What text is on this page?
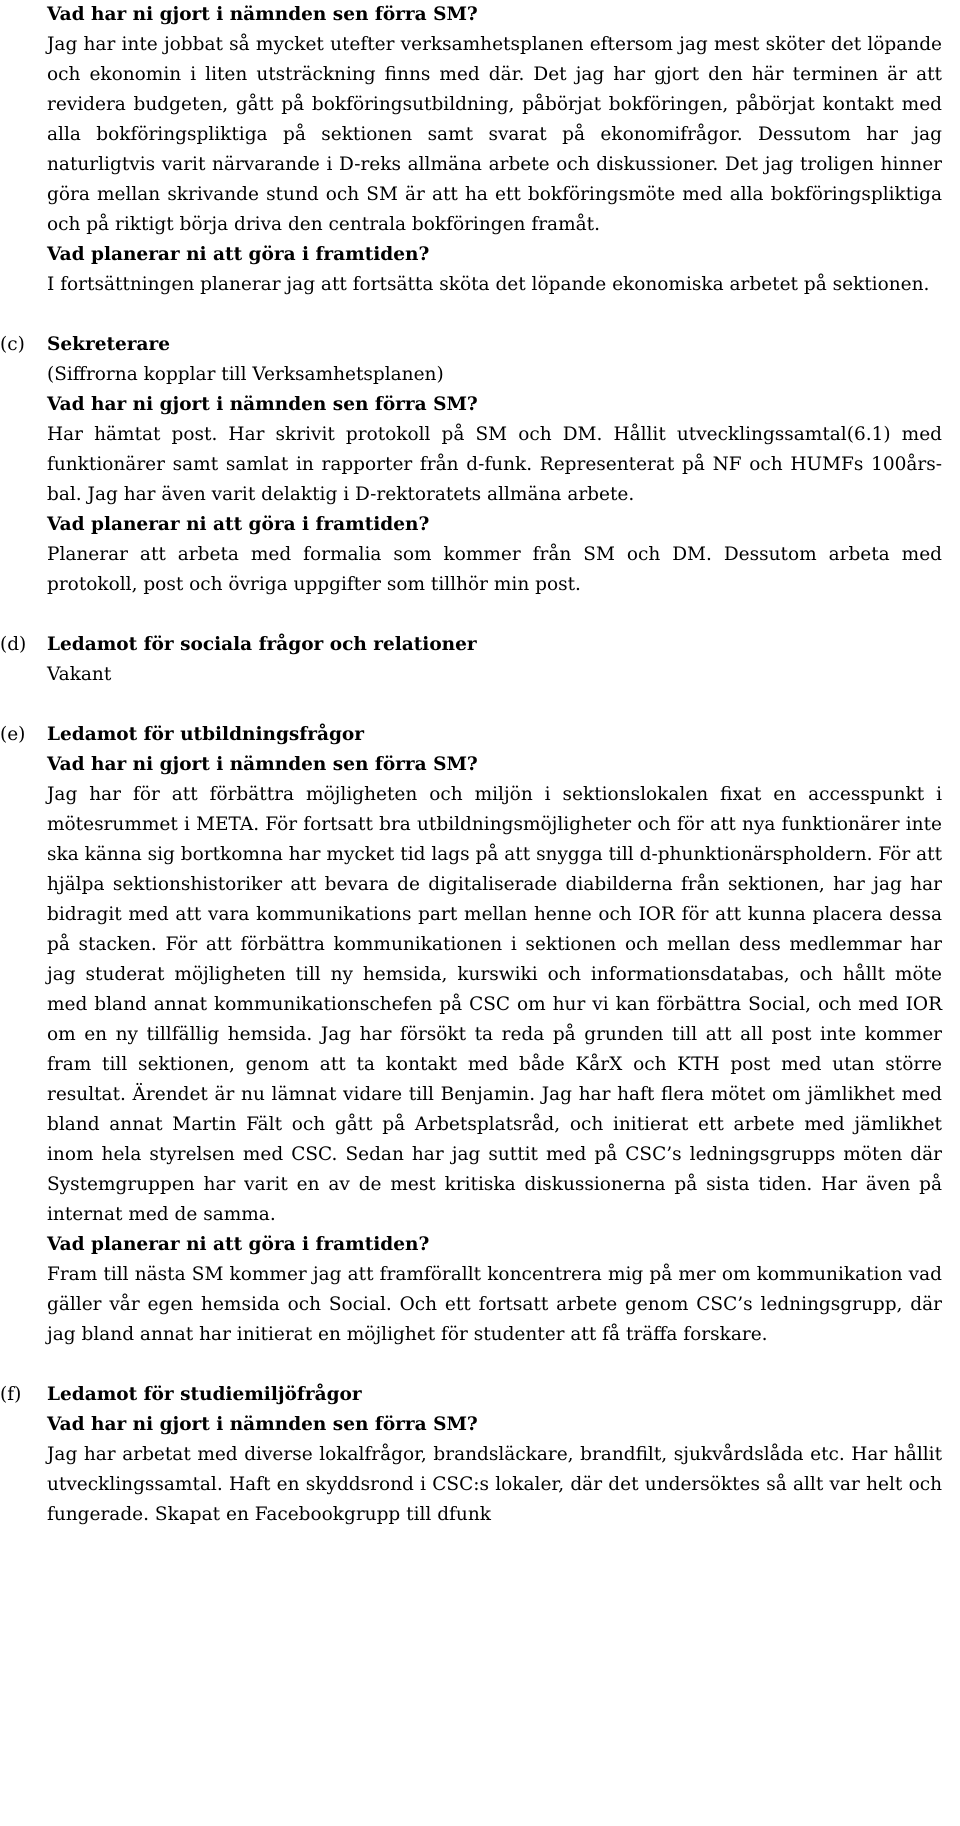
Vad har ni gjort i nämnden sen förra SM?

Jag har inte jobbat så mycket utefter verksamhetsplanen eftersom jag mest sköter det löpande och ekonomin i liten utsträckning finns med där. Det jag har gjort den här terminen är att revidera budgeten, gått på bokföringsutbildning, påbörjat bokföringen, påbörjat kontakt med alla bokföringspliktiga på sektionen samt svarat på ekonomifrågor. Dessutom har jag naturligtvis varit närvarande i D-reks allmäna arbete och diskussioner. Det jag troligen hinner göra mellan skrivande stund och SM är att ha ett bokföringsmöte med alla bokföringspliktiga och på riktigt börja driva den centrala bokföringen framåt.

Vad planerar ni att göra i framtiden?

I fortsättningen planerar jag att fortsätta sköta det löpande ekonomiska arbetet på sektionen.

(c)	Sekreterare
(Siffrorna kopplar till Verksamhetsplanen)
Vad har ni gjort i nämnden sen förra SM?

Har hämtat post. Har skrivit protokoll på SM och DM. Hållit utvecklingssamtal(6.1) med funktionärer samt samlat in rapporter från d-funk. Representerat på NF och HUMFs 100års-bal. Jag har även varit delaktig i D-rektoratets allmäna arbete.

Vad planerar ni att göra i framtiden?

Planerar att arbeta med formalia som kommer från SM och DM. Dessutom arbeta med protokoll, post och övriga uppgifter som tillhör min post.

(d)	Ledamot för sociala frågor och relationer
Vakant
(e)	Ledamot för utbildningsfrågor
Vad har ni gjort i nämnden sen förra SM?

Jag har för att förbättra möjligheten och miljön i sektionslokalen fixat en accesspunkt i mötesrummet i META. För fortsatt bra utbildningsmöjligheter och för att nya funktionärer inte ska känna sig bortkomna har mycket tid lags på att snygga till d-phunktionärspholdern. För att hjälpa sektionshistoriker att bevara de digitaliserade diabilderna från sektionen, har jag har bidragit med att vara kommunikations part mellan henne och IOR för att kunna placera dessa på stacken. För att förbättra kommunikationen i sektionen och mellan dess medlemmar har jag studerat möjligheten till ny hemsida, kurswiki och informationsdatabas, och hållt möte med bland annat kommunikationschefen på CSC om hur vi kan förbättra Social, och med IOR om en ny tillfällig hemsida. Jag har försökt ta reda på grunden till att all post inte kommer fram till sektionen, genom att ta kontakt med både KårX och KTH post med utan större resultat. Ärendet är nu lämnat vidare till Benjamin. Jag har haft flera mötet om jämlikhet med bland annat Martin Fält och gått på Arbetsplatsråd, och initierat ett arbete med jämlikhet inom hela styrelsen med CSC. Sedan har jag suttit med på CSC’s ledningsgrupps möten där Systemgruppen har varit en av de mest kritiska diskussionerna på sista tiden. Har även på internat med de samma.

Vad planerar ni att göra i framtiden?

Fram till nästa SM kommer jag att framförallt koncentrera mig på mer om kommunikation vad gäller vår egen hemsida och Social. Och ett fortsatt arbete genom CSC’s ledningsgrupp, där jag bland annat har initierat en möjlighet för studenter att få träffa forskare.

(f)	Ledamot för studiemiljöfrågor
Vad har ni gjort i nämnden sen förra SM?

Jag har arbetat med diverse lokalfrågor, brandsläckare, brandfilt, sjukvårdslåda etc. Har hållit utvecklingssamtal. Haft en skyddsrond i CSC:s lokaler, där det undersöktes så allt var helt och fungerade. Skapat en Facebookgrupp till dfunk
